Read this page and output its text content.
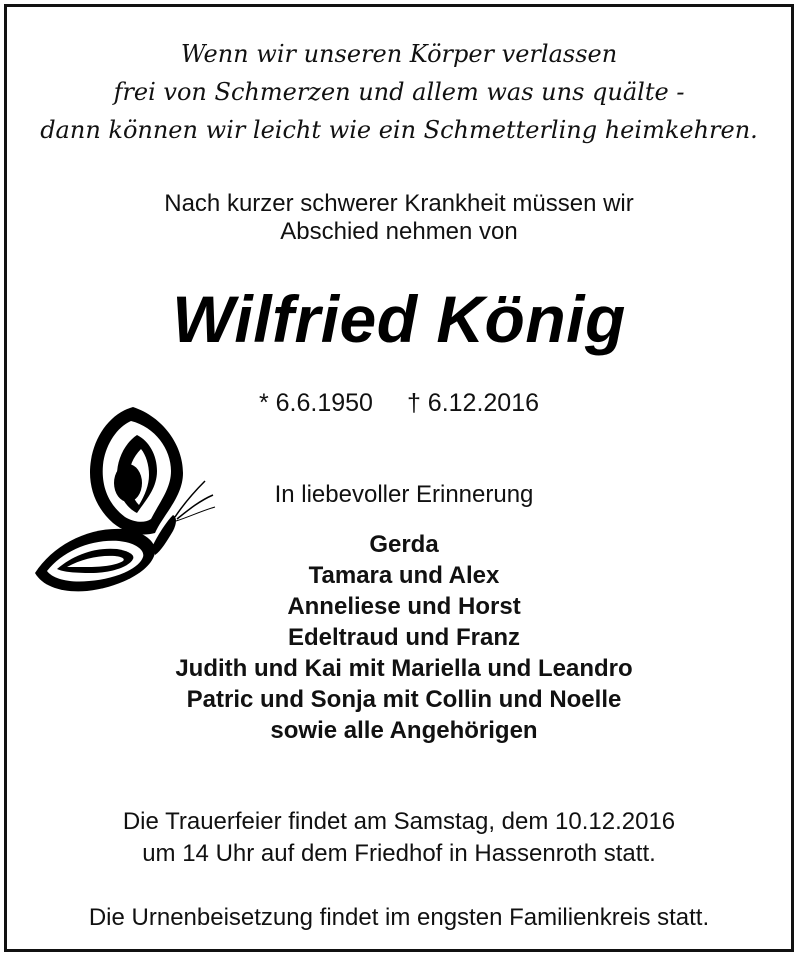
Wenn wir unseren Körper verlassen
frei von Schmerzen und allem was uns quälte -
dann können wir leicht wie ein Schmetterling heimkehren.
Nach kurzer schwerer Krankheit müssen wir
Abschied nehmen von
Wilfried König
* 6.6.1950 † 6.12.2016
In liebevoller Erinnerung
Gerda
Tamara und Alex
Anneliese und Horst
Edeltraud und Franz
Judith und Kai mit Mariella und Leandro
Patric und Sonja mit Collin und Noelle
sowie alle Angehörigen
Die Trauerfeier findet am Samstag, dem 10.12.2016
um 14 Uhr auf dem Friedhof in Hassenroth statt.
Die Urnenbeisetzung findet im engsten Familienkreis statt.
